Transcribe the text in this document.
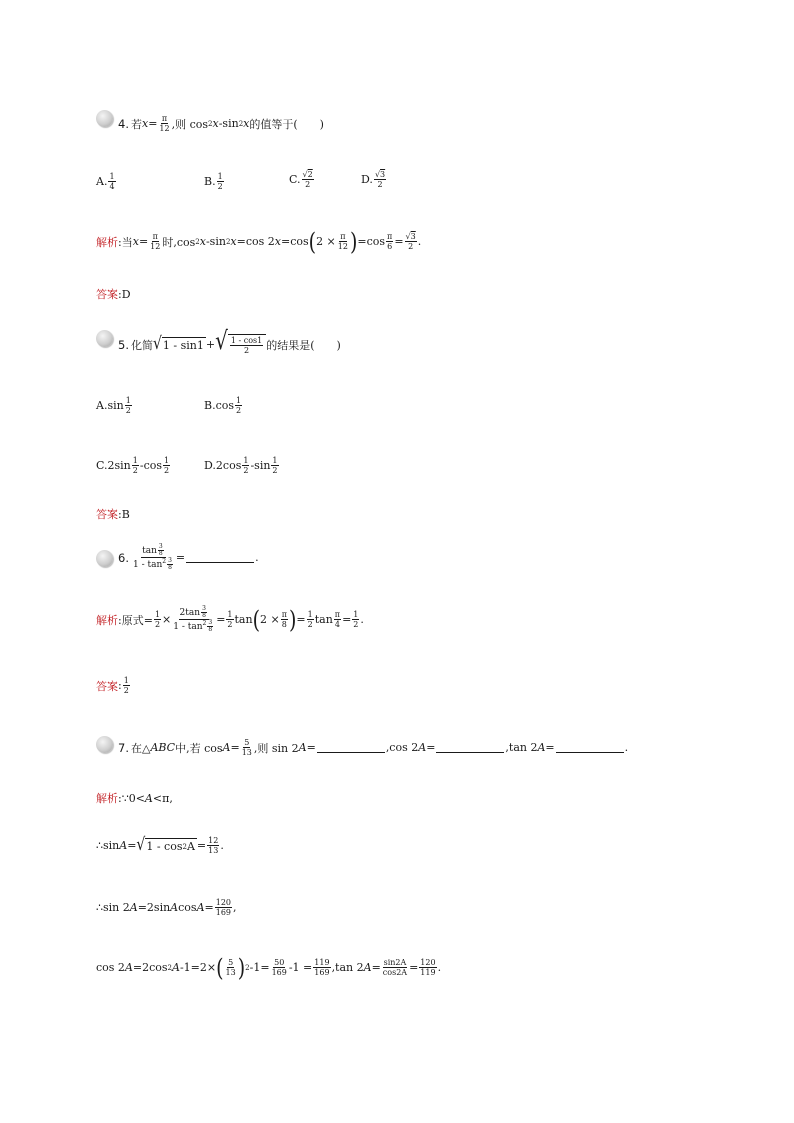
4. 若 $x = \frac{\pi}{12}$ ,则 cos 2 x -sin 2 x 的值等于(　　)
A. $\frac{1}{4}$	B. $\frac{1}{2}$	C. $\frac{√2}{2}$	D. $\frac{√3}{2}$
解析 :当 $x = \frac{\pi}{12}$ 时,cos 2 x -sin 2 x =cos 2 x =cos ( $2 \times \frac{\pi}{12}$ ) $=\cos \frac{\pi}{6} = \frac{√3}{2}$ .
答案 :D
5. 化简 √ 1 - sin1 + √ $\frac{1 - \cos 1}{2}$ 的结果是(　　)
$A.\sin \frac{1}{2}$	$B.\cos \frac{1}{2}$
$C.2\sin \frac{1}{2} -\cos \frac{1}{2}$	$D.2\cos \frac{1}{2} -\sin \frac{1}{2}$
答案 :B
6. $\frac{\tan \frac{3}{8}}{1 - \tan^2 \frac{3}{8}}$ =	.
解析 :原式= $\frac{1}{2} \times \frac{2\tan \frac{3}{8}}{1 - \tan^2 \frac{3}{8}} = \frac{1}{2}$ tan ( $2 \times \frac{\pi}{8}$ ) = $\frac{1}{2}$ $\tan \frac{\pi}{4} = \frac{1}{2}$ .
答案 : $\frac{1}{2}$
7. 在△ ABC 中,若 $\cos A = \frac{5}{13}$ ,则 sin 2 A =	,cos 2 A =	,tan 2 A =	.
解析 :∵0< A <π,
∴sin A = √ 1 - cos 2 $A = \frac{12}{13}$ .
∴sin 2 A =2sin A $\cos A = \frac{120}{169}$ ,
cos 2 A =2cos 2 A -1=2× ( $\frac{5}{13}$ ) 2 $-1= \frac{50}{169} -1 = \frac{119}{169} ,\tan$ 2 $A = \frac{\sin 2A}{\cos 2A} = \frac{120}{119}$ .
